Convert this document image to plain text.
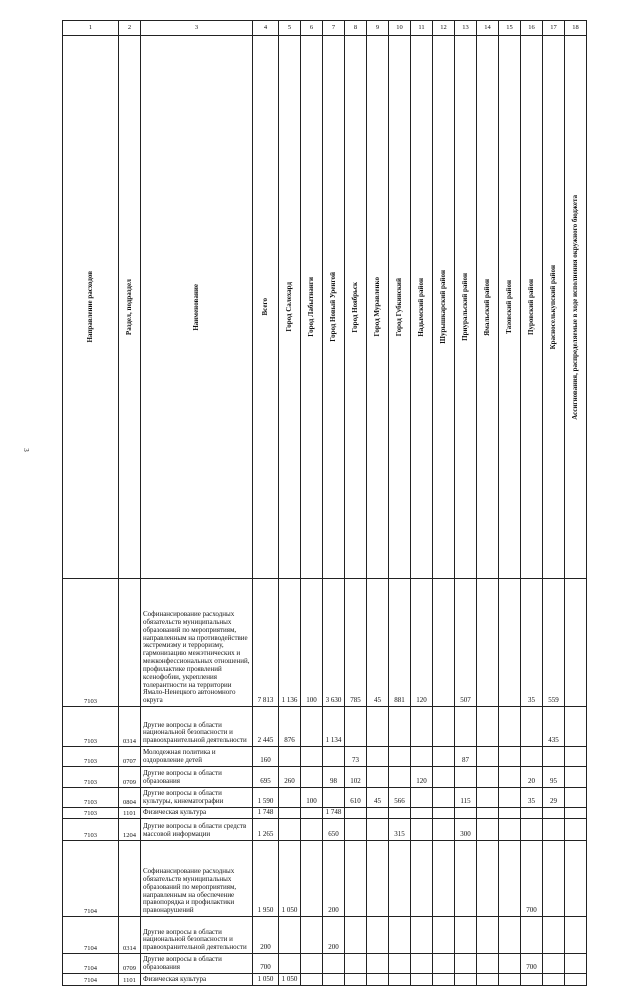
3
1	2	3	4	5	6	7	8	9	10	11	12	13	14	15	16	17	18

Направление расходов	Раздел, подраздел	Наименование	Всего	Город Салехард	Город Лабытнанги	Город Новый Уренгой	Город Ноябрьск	Город Муравленко	Город Губкинский	Надымский район	Шурышкарский район	Приуральский район	Ямальский район	Тазовский район	Пуровский район	Красноселькупский район	Ассигнования, распределяемые в ходе исполнения окружного бюджета

7103		Софинансирование расходных обязательств муниципальных образований по мероприятиям, направленным на противодействие экстремизму и терроризму, гармонизацию межэтнических и межконфессиональных отношений, профилактике проявлений ксенофобии, укрепления толерантности на территории Ямало-Ненецкого автономного округа	7 813	1 136	100	3 630	785	45	881	120		507			35	559	
7103	0314	Другие вопросы в области национальной безопасности и правоохранительной деятельности	2 445	876		1 134										435	
7103	0707	Молодежная политика и оздоровление детей	160				73					87					
7103	0709	Другие вопросы в области образования	695	260		98	102			120					20	95	
7103	0804	Другие вопросы в области культуры, кинематографии	1 590		100		610	45	566			115			35	29	
7103	1101	Физическая культура	1 748			1 748											
7103	1204	Другие вопросы в области средств массовой информации	1 265			650			315			300					
7104		Софинансирование расходных обязательств муниципальных образований по мероприятиям, направленным на обеспечение правопорядка и профилактики правонарушений	1 950	1 050		200									700		
7104	0314	Другие вопросы в области национальной безопасности и правоохранительной деятельности	200			200											
7104	0709	Другие вопросы в области образования	700												700		
7104	1101	Физическая культура	1 050	1 050													
